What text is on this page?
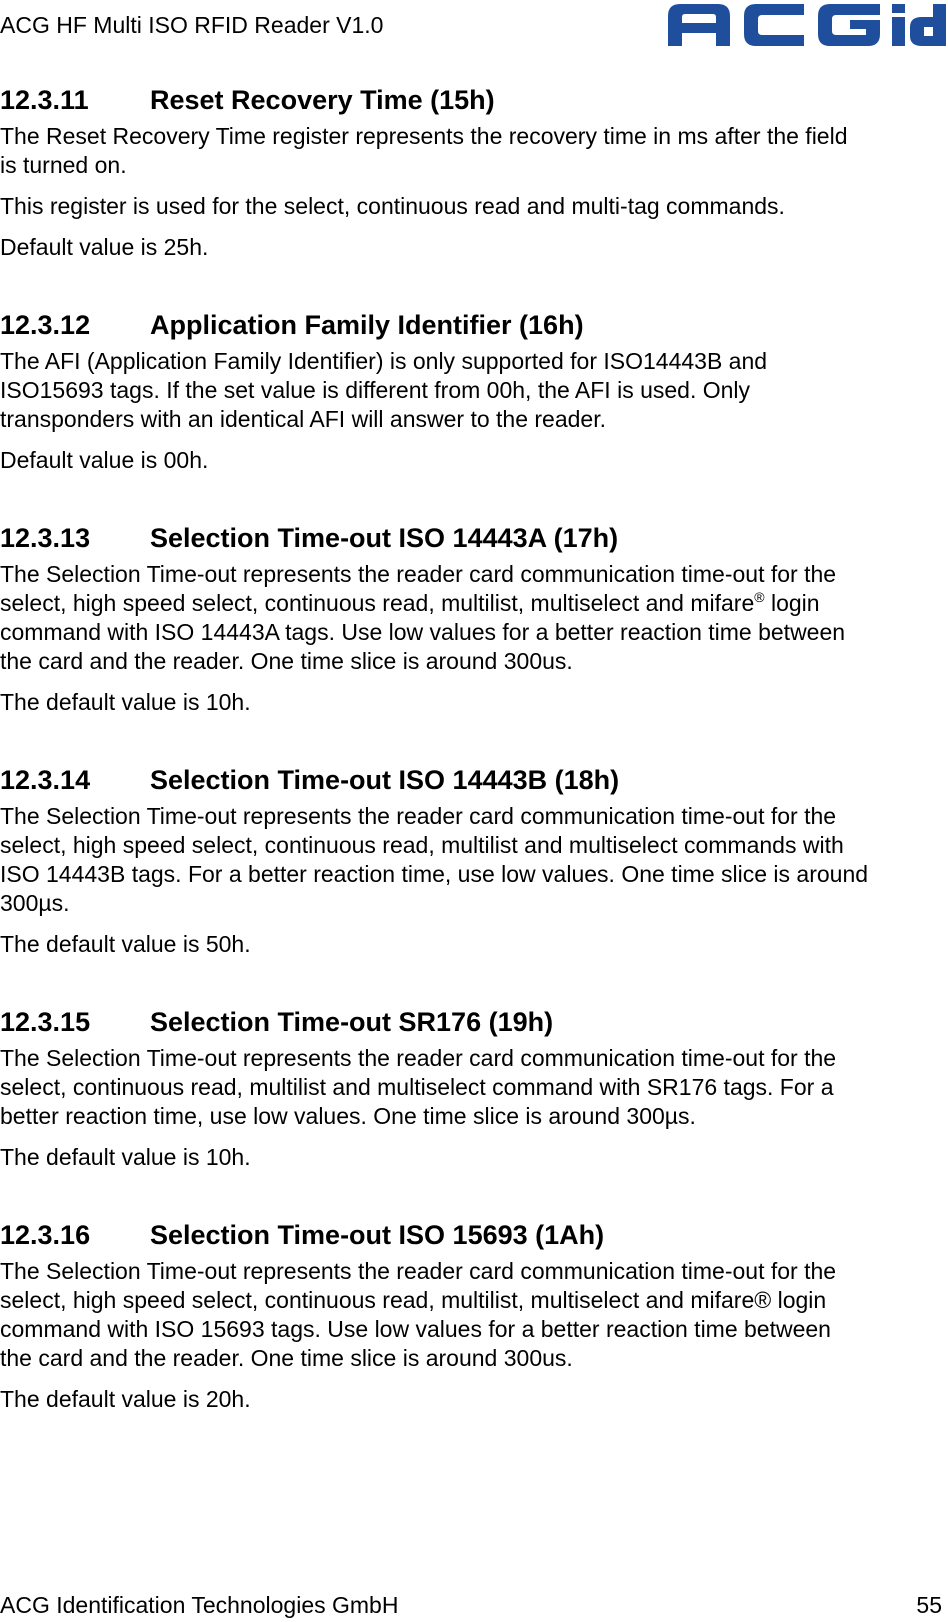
ACG HF Multi ISO RFID Reader V1.0
12.3.11	Reset Recovery Time (15h)

The Reset Recovery Time register represents the recovery time in ms after the field
is turned on.

This register is used for the select, continuous read and multi-tag commands.

Default value is 25h.

12.3.12	Application Family Identifier (16h)

The AFI (Application Family Identifier) is only supported for ISO14443B and
ISO15693 tags. If the set value is different from 00h, the AFI is used. Only
transponders with an identical AFI will answer to the reader.

Default value is 00h.

12.3.13	Selection Time-out ISO 14443A (17h)

The Selection Time-out represents the reader card communication time-out for the
select, high speed select, continuous read, multilist, multiselect and mifare® login
command with ISO 14443A tags. Use low values for a better reaction time between
the card and the reader. One time slice is around 300us.

The default value is 10h.

12.3.14	Selection Time-out ISO 14443B (18h)

The Selection Time-out represents the reader card communication time-out for the
select, high speed select, continuous read, multilist and multiselect commands with
ISO 14443B tags. For a better reaction time, use low values. One time slice is around
300µs.

The default value is 50h.

12.3.15	Selection Time-out SR176 (19h)

The Selection Time-out represents the reader card communication time-out for the
select, continuous read, multilist and multiselect command with SR176 tags. For a
better reaction time, use low values. One time slice is around 300µs.

The default value is 10h.

12.3.16	Selection Time-out ISO 15693 (1Ah)

The Selection Time-out represents the reader card communication time-out for the
select, high speed select, continuous read, multilist, multiselect and mifare® login
command with ISO 15693 tags. Use low values for a better reaction time between
the card and the reader. One time slice is around 300us.

The default value is 20h.

ACG Identification Technologies GmbH	55
